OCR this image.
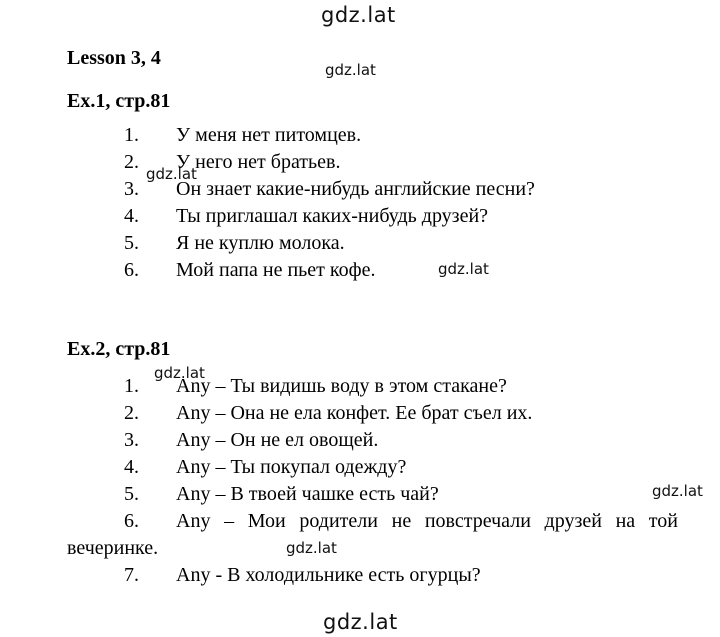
gdz.lat
gdz.lat
gdz.lat
gdz.lat
gdz.lat
gdz.lat
gdz.lat
gdz.lat
Lesson 3, 4
Ex.1, стр.81
1. У меня нет питомцев.
2. У него нет братьев.
3. Он знает какие-нибудь английские песни?
4. Ты приглашал каких-нибудь друзей?
5. Я не куплю молока.
6. Мой папа не пьет кофе.
Ex.2, стр.81
1. Any – Ты видишь воду в этом стакане?
2. Any – Она не ела конфет. Ее брат съел их.
3. Any – Он не ел овощей.
4. Any – Ты покупал одежду?
5. Any – В твоей чашке есть чай?
6. Any – Мои родители не повстречали друзей на той
вечеринке.
7. Any - В холодильнике есть огурцы?
